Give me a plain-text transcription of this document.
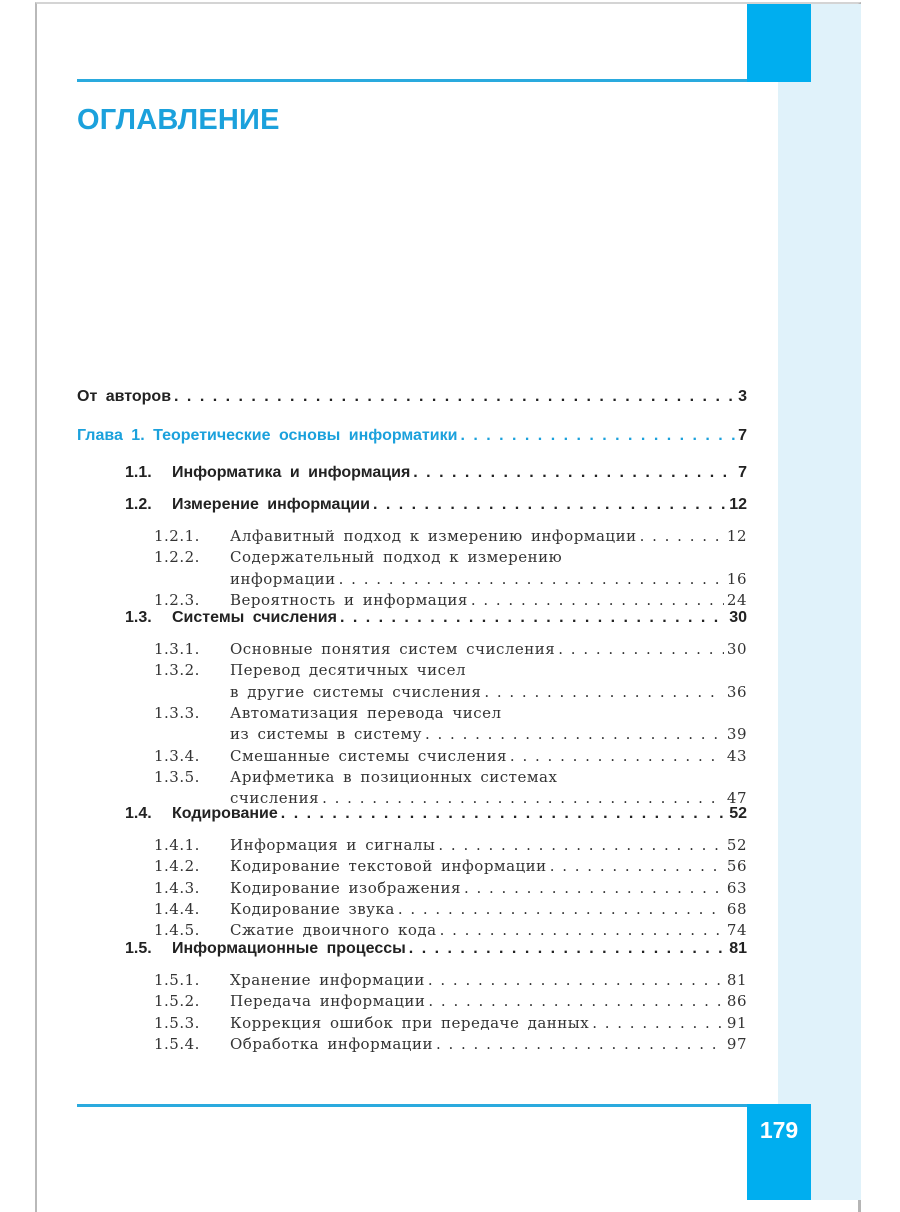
ОГЛАВЛЕНИЕ
От авторов . . .	3
Глава 1. Теоретические основы информатики . . .	7
1.1. Информатика и информация . . .	7
1.2. Измерение информации . . .	12
1.2.1. Алфавитный подход к измерению информации . . .	12
1.2.2. Содержательный подход к измерению
информации . . .	16
1.2.3. Вероятность и информация . . .	24
1.3. Системы счисления . . .	30
1.3.1. Основные понятия систем счисления . . .	30
1.3.2. Перевод десятичных чисел
в другие системы счисления . . .	36
1.3.3. Автоматизация перевода чисел
из системы в систему . . .	39
1.3.4. Смешанные системы счисления . . .	43
1.3.5. Арифметика в позиционных системах
счисления . . .	47
1.4. Кодирование . . .	52
1.4.1. Информация и сигналы . . .	52
1.4.2. Кодирование текстовой информации . . .	56
1.4.3. Кодирование изображения . . .	63
1.4.4. Кодирование звука . . .	68
1.4.5. Сжатие двоичного кода . . .	74
1.5. Информационные процессы . . .	81
1.5.1. Хранение информации . . .	81
1.5.2. Передача информации . . .	86
1.5.3. Коррекция ошибок при передаче данных . . .	91
1.5.4. Обработка информации . . .	97
179
